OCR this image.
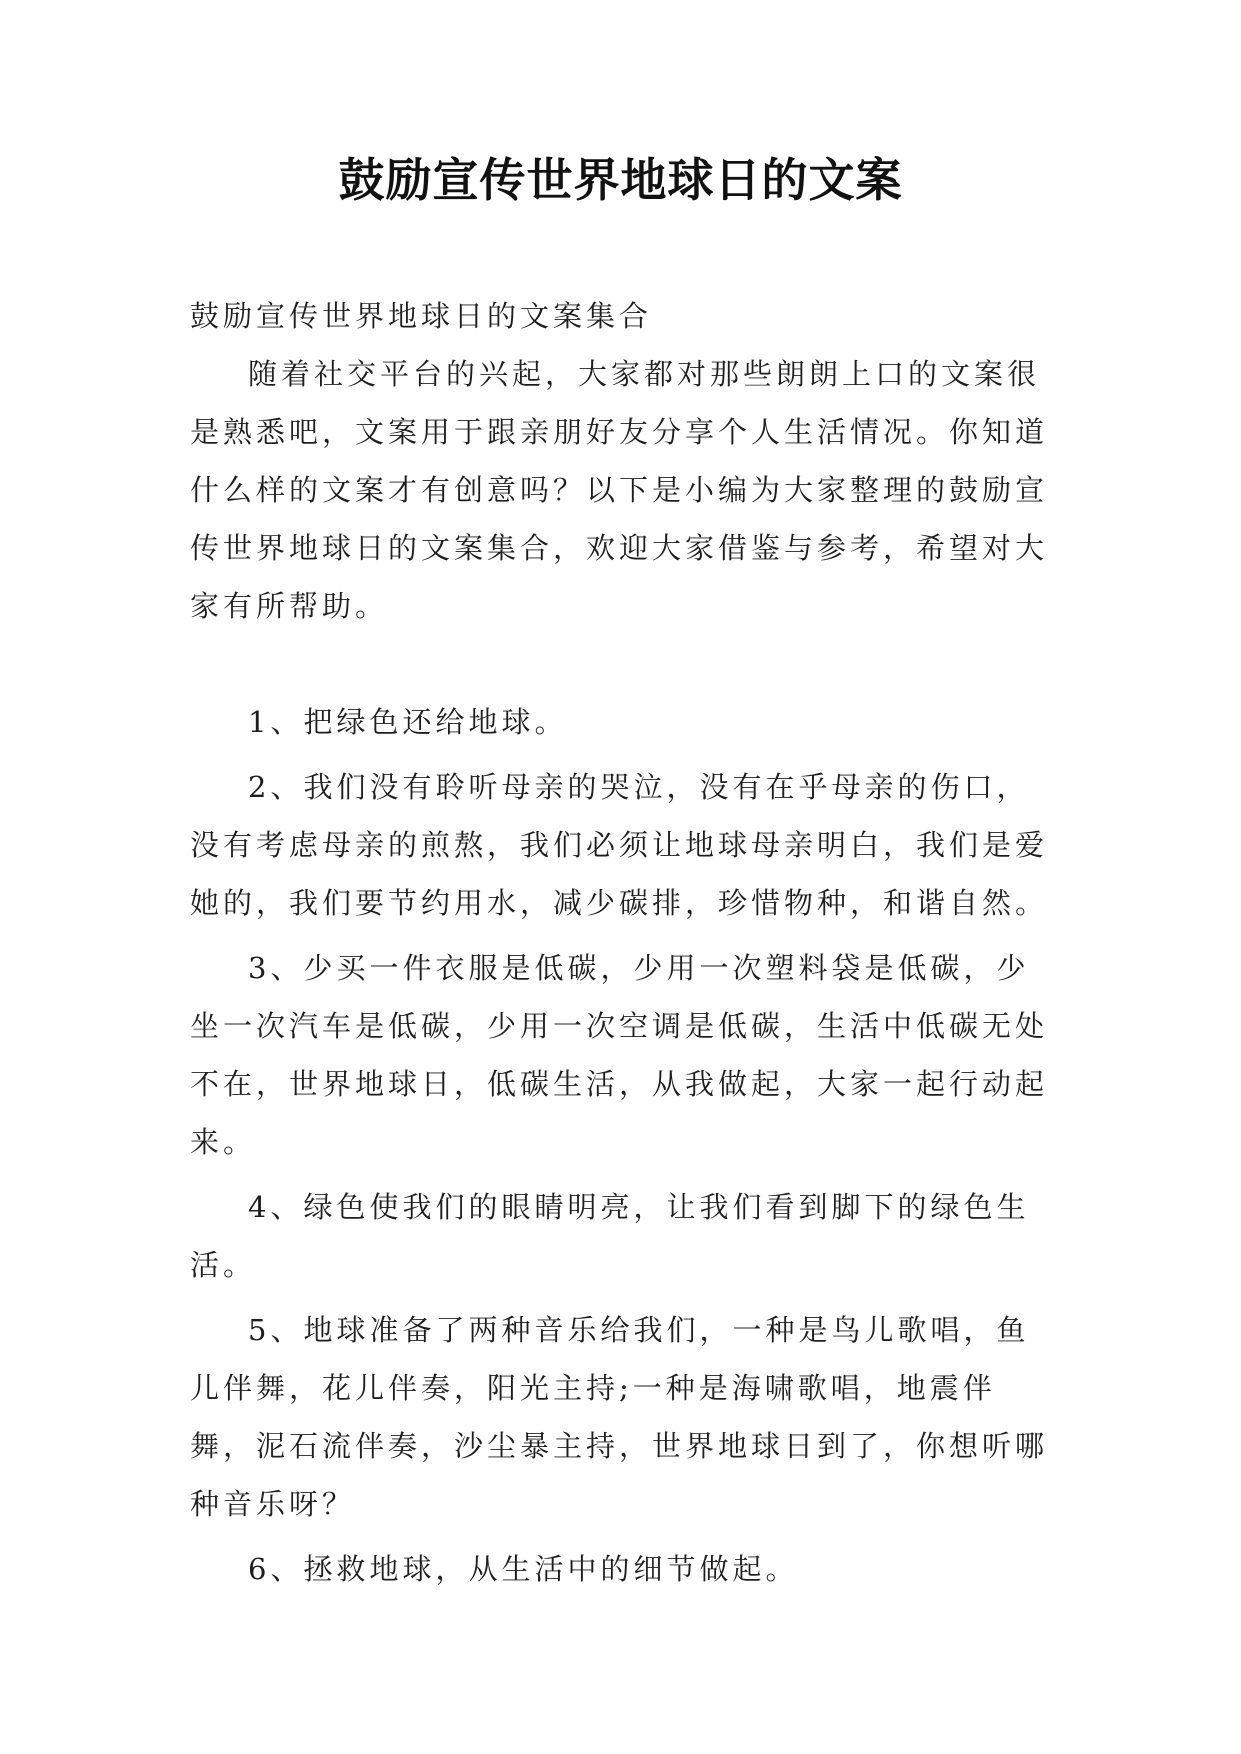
鼓励宣传世界地球日的文案

鼓励宣传世界地球日的文案集合

随着社交平台的兴起，大家都对那些朗朗上口的文案很是熟悉吧，文案用于跟亲朋好友分享个人生活情况。你知道什么样的文案才有创意吗？以下是小编为大家整理的鼓励宣传世界地球日的文案集合，欢迎大家借鉴与参考，希望对大家有所帮助。

1、把绿色还给地球。

2、我们没有聆听母亲的哭泣，没有在乎母亲的伤口，没有考虑母亲的煎熬，我们必须让地球母亲明白，我们是爱她的，我们要节约用水，减少碳排，珍惜物种，和谐自然。

3、少买一件衣服是低碳，少用一次塑料袋是低碳，少坐一次汽车是低碳，少用一次空调是低碳，生活中低碳无处不在，世界地球日，低碳生活，从我做起，大家一起行动起来。

4、绿色使我们的眼睛明亮，让我们看到脚下的绿色生活。

5、地球准备了两种音乐给我们，一种是鸟儿歌唱，鱼儿伴舞，花儿伴奏，阳光主持;一种是海啸歌唱，地震伴舞，泥石流伴奏，沙尘暴主持，世界地球日到了，你想听哪种音乐呀？

6、拯救地球，从生活中的细节做起。
